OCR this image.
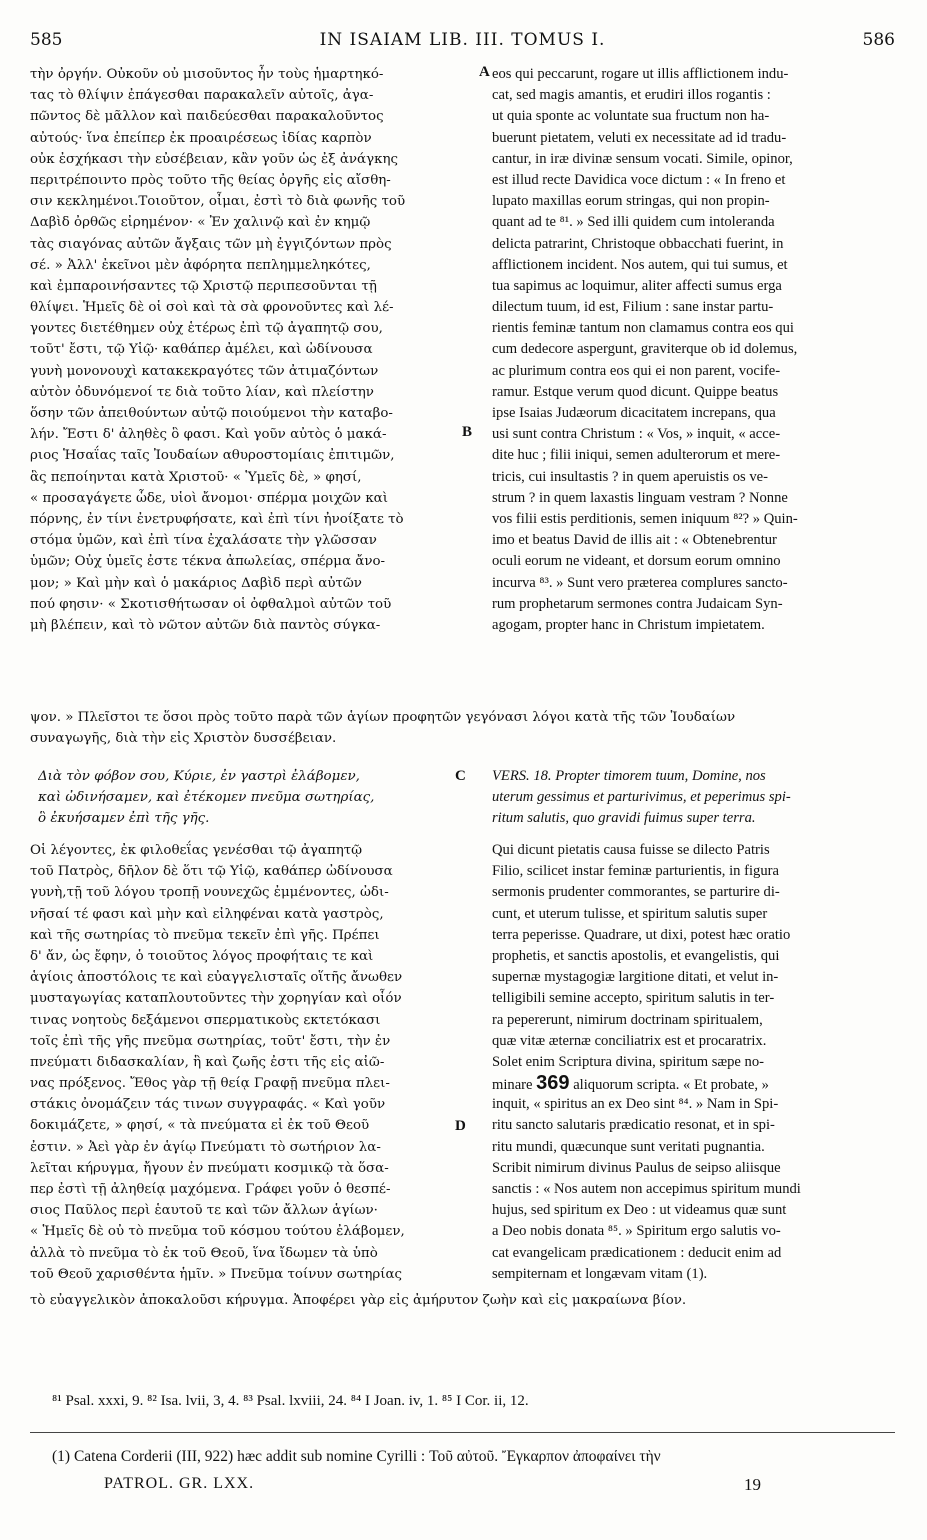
585	IN ISAIAM LIB. III. TOMUS I.	586
τὴν ὀργήν. Οὐκοῦν οὐ μισοῦντος ἦν τοὺς ἡμαρτηκό-
τας τὸ θλίψιν ἐπάγεσθαι παρακαλεῖν αὐτοῖς, ἀγα-
πῶντος δὲ μᾶλλον καὶ παιδεύεσθαι παρακαλοῦντος
αὐτούς· ἵνα ἐπείπερ ἐκ προαιρέσεως ἰδίας καρπὸν
οὐκ ἐσχήκασι τὴν εὐσέβειαν, κἂν γοῦν ὡς ἐξ ἀνάγκης
περιτρέποιντο πρὸς τοῦτο τῆς θείας ὀργῆς εἰς αἴσθη-
σιν κεκλημένοι.Τοιοῦτον, οἶμαι, ἐστὶ τὸ διὰ φωνῆς τοῦ
Δαβὶδ ὀρθῶς εἰρημένον· « Ἐν χαλινῷ καὶ ἐν κημῷ
τὰς σιαγόνας αὐτῶν ἄγξαις τῶν μὴ ἐγγιζόντων πρὸς
σέ. » Ἀλλ' ἐκεῖνοι μὲν ἀφόρητα πεπλημμεληκότες,
καὶ ἐμπαροινήσαντες τῷ Χριστῷ περιπεσοῦνται τῇ
θλίψει. Ἡμεῖς δὲ οἱ σοὶ καὶ τὰ σὰ φρονοῦντες καὶ λέ-
γοντες διετέθημεν οὐχ ἑτέρως ἐπὶ τῷ ἀγαπητῷ σου,
τοῦτ' ἔστι, τῷ Υἱῷ· καθάπερ ἀμέλει, καὶ ὠδίνουσα
γυνὴ μονονουχὶ κατακεκραγότες τῶν ἀτιμαζόντων
αὐτὸν ὀδυνόμενοί τε διὰ τοῦτο λίαν, καὶ πλείστην
ὅσην τῶν ἀπειθούντων αὐτῷ ποιούμενοι τὴν καταβο-
λήν. Ἔστι δ' ἀληθὲς ὃ φασι. Καὶ γοῦν αὐτὸς ὁ μακά-
ριος Ἡσαΐας ταῖς Ἰουδαίων αθυροστομίαις ἐπιτιμῶν,
ἃς πεποίηνται κατὰ Χριστοῦ· « Ὑμεῖς δὲ, » φησί,
« προσαγάγετε ὧδε, υἱοὶ ἄνομοι· σπέρμα μοιχῶν καὶ
πόρνης, ἐν τίνι ἐνετρυφήσατε, καὶ ἐπὶ τίνι ἠνοίξατε τὸ
στόμα ὑμῶν, καὶ ἐπὶ τίνα ἐχαλάσατε τὴν γλῶσσαν
ὑμῶν; Οὐχ ὑμεῖς ἐστε τέκνα ἀπωλείας, σπέρμα ἄνο-
μον; » Καὶ μὴν καὶ ὁ μακάριος Δαβὶδ περὶ αὐτῶν
πού φησιν· « Σκοτισθήτωσαν οἱ ὀφθαλμοὶ αὐτῶν τοῦ
μὴ βλέπειν, καὶ τὸ νῶτον αὐτῶν διὰ παντὸς σύγκα-
eos qui peccarunt, rogare ut illis afflictionem indu-
cat, sed magis amantis, et erudiri illos rogantis :
ut quia sponte ac voluntate sua fructum non ha-
buerunt pietatem, veluti ex necessitate ad id tradu-
cantur, in iræ divinæ sensum vocati. Simile, opinor,
est illud recte Davidica voce dictum : « In freno et
lupato maxillas eorum stringas, qui non propin-
quant ad te ⁸¹. » Sed illi quidem cum intoleranda
delicta patrarint, Christoque obbacchati fuerint, in
afflictionem incident. Nos autem, qui tui sumus, et
tua sapimus ac loquimur, aliter affecti sumus erga
dilectum tuum, id est, Filium : sane instar partu-
rientis feminæ tantum non clamamus contra eos qui
cum dedecore aspergunt, graviterque ob id dolemus,
ac plurimum contra eos qui ei non parent, vocife-
ramur. Estque verum quod dicunt. Quippe beatus
ipse Isaias Judæorum dicacitatem increpans, qua
usi sunt contra Christum : « Vos, » inquit, « acce-
dite huc ; filii iniqui, semen adulterorum et mere-
tricis, cui insultastis ? in quem aperuistis os ve-
strum ? in quem laxastis linguam vestram ? Nonne
vos filii estis perditionis, semen iniquum ⁸²? » Quin-
imo et beatus David de illis ait : « Obtenebrentur
oculi eorum ne videant, et dorsum eorum omnino
incurva ⁸³. » Sunt vero præterea complures sancto-
rum prophetarum sermones contra Judaicam Syn-
agogam, propter hanc in Christum impietatem.
A
B
C
D
ψον. » Πλεῖστοι τε ὅσοι πρὸς τοῦτο παρὰ τῶν ἁγίων προφητῶν γεγόνασι λόγοι κατὰ τῆς τῶν Ἰουδαίων
συναγωγῆς, διὰ τὴν εἰς Χριστὸν δυσσέβειαν.
Διὰ τὸν φόβον σου, Κύριε, ἐν γαστρὶ ἐλάβομεν,
καὶ ὠδινήσαμεν, καὶ ἐτέκομεν πνεῦμα σωτηρίας,
ὃ ἐκυήσαμεν ἐπὶ τῆς γῆς.
VERS. 18. Propter timorem tuum, Domine, nos
uterum gessimus et parturivimus, et peperimus spi-
ritum salutis, quo gravidi fuimus super terra.
Οἱ λέγοντες, ἐκ φιλοθεΐας γενέσθαι τῷ ἀγαπητῷ
τοῦ Πατρὸς, δῆλον δὲ ὅτι τῷ Υἱῷ, καθάπερ ὠδίνουσα
γυνὴ,τῇ τοῦ λόγου τροπῇ νουνεχῶς ἐμμένοντες, ὠδι-
νῆσαί τέ φασι καὶ μὴν καὶ εἰληφέναι κατὰ γαστρὸς,
καὶ τῆς σωτηρίας τὸ πνεῦμα τεκεῖν ἐπὶ γῆς. Πρέπει
δ' ἄν, ὡς ἔφην, ὁ τοιοῦτος λόγος προφήταις τε καὶ
ἁγίοις ἀποστόλοις τε καὶ εὐαγγελισταῖς οἵτῆς ἄνωθεν
μυσταγωγίας καταπλουτοῦντες τὴν χορηγίαν καὶ οἷόν
τινας νοητοὺς δεξάμενοι σπερματικοὺς εκτετόκασι
τοῖς ἐπὶ τῆς γῆς πνεῦμα σωτηρίας, τοῦτ' ἔστι, τὴν ἐν
πνεύματι διδασκαλίαν, ἣ καὶ ζωῆς ἐστι τῆς εἰς αἰῶ-
νας πρόξενος. Ἔθος γὰρ τῇ θείᾳ Γραφῇ πνεῦμα πλει-
στάκις ὀνομάζειν τάς τινων συγγραφάς. « Καὶ γοῦν
δοκιμάζετε, » φησί, « τὰ πνεύματα εἰ ἐκ τοῦ Θεοῦ
ἐστιν. » Ἀεὶ γὰρ ἐν ἁγίῳ Πνεύματι τὸ σωτήριον λα-
λεῖται κήρυγμα, ἤγουν ἐν πνεύματι κοσμικῷ τὰ ὅσα-
περ ἐστὶ τῇ ἀληθείᾳ μαχόμενα. Γράφει γοῦν ὁ θεσπέ-
σιος Παῦλος περὶ ἑαυτοῦ τε καὶ τῶν ἄλλων ἁγίων·
« Ἡμεῖς δὲ οὐ τὸ πνεῦμα τοῦ κόσμου τούτου ἐλάβομεν,
ἀλλὰ τὸ πνεῦμα τὸ ἐκ τοῦ Θεοῦ, ἵνα ἴδωμεν τὰ ὑπὸ
τοῦ Θεοῦ χαρισθέντα ἡμῖν. » Πνεῦμα τοίνυν σωτηρίας
Qui dicunt pietatis causa fuisse se dilecto Patris
Filio, scilicet instar feminæ parturientis, in figura
sermonis prudenter commorantes, se parturire di-
cunt, et uterum tulisse, et spiritum salutis super
terra peperisse. Quadrare, ut dixi, potest hæc oratio
prophetis, et sanctis apostolis, et evangelistis, qui
supernæ mystagogiæ largitione ditati, et velut in-
telligibili semine accepto, spiritum salutis in ter-
ra pepererunt, nimirum doctrinam spiritualem,
quæ vitæ æternæ conciliatrix est et procaratrix.
Solet enim Scriptura divina, spiritum sæpe no-
minare 369 aliquorum scripta. « Et probate, »
inquit, « spiritus an ex Deo sint ⁸⁴. » Nam in Spi-
ritu sancto salutaris prædicatio resonat, et in spi-
ritu mundi, quæcunque sunt veritati pugnantia.
Scribit nimirum divinus Paulus de seipso aliisque
sanctis : « Nos autem non accepimus spiritum mundi
hujus, sed spiritum ex Deo : ut videamus quæ sunt
a Deo nobis donata ⁸⁵. » Spiritum ergo salutis vo-
cat evangelicam prædicationem : deducit enim ad
sempiternam et longævam vitam (1).
τὸ εὐαγγελικὸν ἀποκαλοῦσι κήρυγμα. Ἀποφέρει γὰρ εἰς ἀμήρυτον ζωὴν καὶ εἰς μακραίωνα βίον.
⁸¹ Psal. xxxi, 9. ⁸² Isa. lvii, 3, 4. ⁸³ Psal. lxviii, 24. ⁸⁴ I Joan. iv, 1. ⁸⁵ I Cor. ii, 12.
(1) Catena Corderii (III, 922) hæc addit sub nomine Cyrilli : Τοῦ αὐτοῦ. Ἔγκαρπον ἀποφαίνει τὴν
PATROL. GR. LXX.	19
